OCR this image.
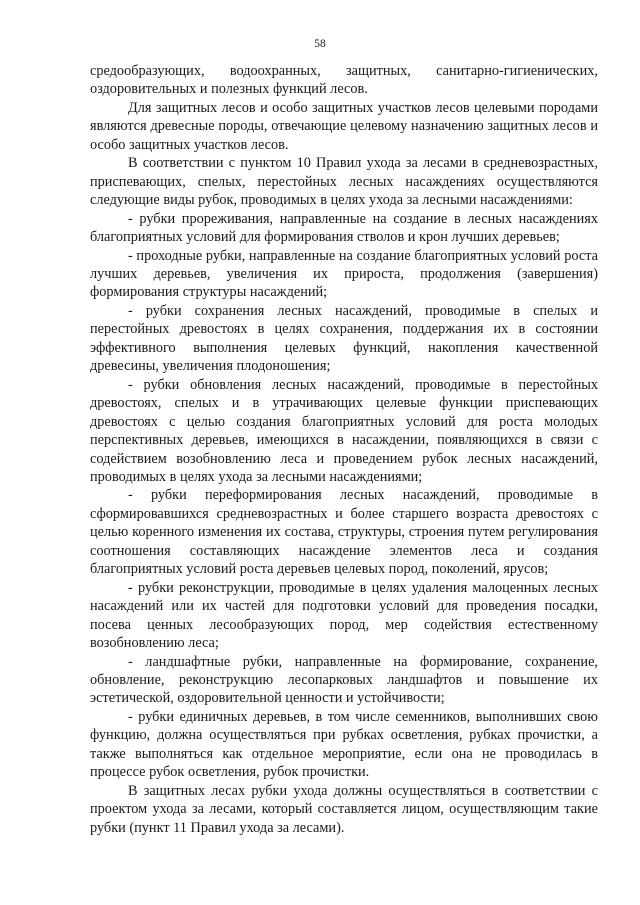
58

средообразующих, водоохранных, защитных, санитарно-гигиенических, оздоровительных и полезных функций лесов.

Для защитных лесов и особо защитных участков лесов целевыми породами являются древесные породы, отвечающие целевому назначению защитных лесов и особо защитных участков лесов.

В соответствии с пунктом 10 Правил ухода за лесами в средневозрастных, приспевающих, спелых, перестойных лесных насаждениях осуществляются следующие виды рубок, проводимых в целях ухода за лесными насаждениями:

- рубки прореживания, направленные на создание в лесных насаждениях благоприятных условий для формирования стволов и крон лучших деревьев;

- проходные рубки, направленные на создание благоприятных условий роста лучших деревьев, увеличения их прироста, продолжения (завершения) формирования структуры насаждений;

- рубки сохранения лесных насаждений, проводимые в спелых и перестойных древостоях в целях сохранения, поддержания их в состоянии эффективного выполнения целевых функций, накопления качественной древесины, увеличения плодоношения;

- рубки обновления лесных насаждений, проводимые в перестойных древостоях, спелых и в утрачивающих целевые функции приспевающих древостоях с целью создания благоприятных условий для роста молодых перспективных деревьев, имеющихся в насаждении, появляющихся в связи с содействием возобновлению леса и проведением рубок лесных насаждений, проводимых в целях ухода за лесными насаждениями;

- рубки переформирования лесных насаждений, проводимые в сформировавшихся средневозрастных и более старшего возраста древостоях с целью коренного изменения их состава, структуры, строения путем регулирования соотношения составляющих насаждение элементов леса и создания благоприятных условий роста деревьев целевых пород, поколений, ярусов;

- рубки реконструкции, проводимые в целях удаления малоценных лесных насаждений или их частей для подготовки условий для проведения посадки, посева ценных лесообразующих пород, мер содействия естественному возобновлению леса;

- ландшафтные рубки, направленные на формирование, сохранение, обновление, реконструкцию лесопарковых ландшафтов и повышение их эстетической, оздоровительной ценности и устойчивости;

- рубки единичных деревьев, в том числе семенников, выполнивших свою функцию, должна осуществляться при рубках осветления, рубках прочистки, а также выполняться как отдельное мероприятие, если она не проводилась в процессе рубок осветления, рубок прочистки.

В защитных лесах рубки ухода должны осуществляться в соответствии с проектом ухода за лесами, который составляется лицом, осуществляющим такие рубки (пункт 11 Правил ухода за лесами).
